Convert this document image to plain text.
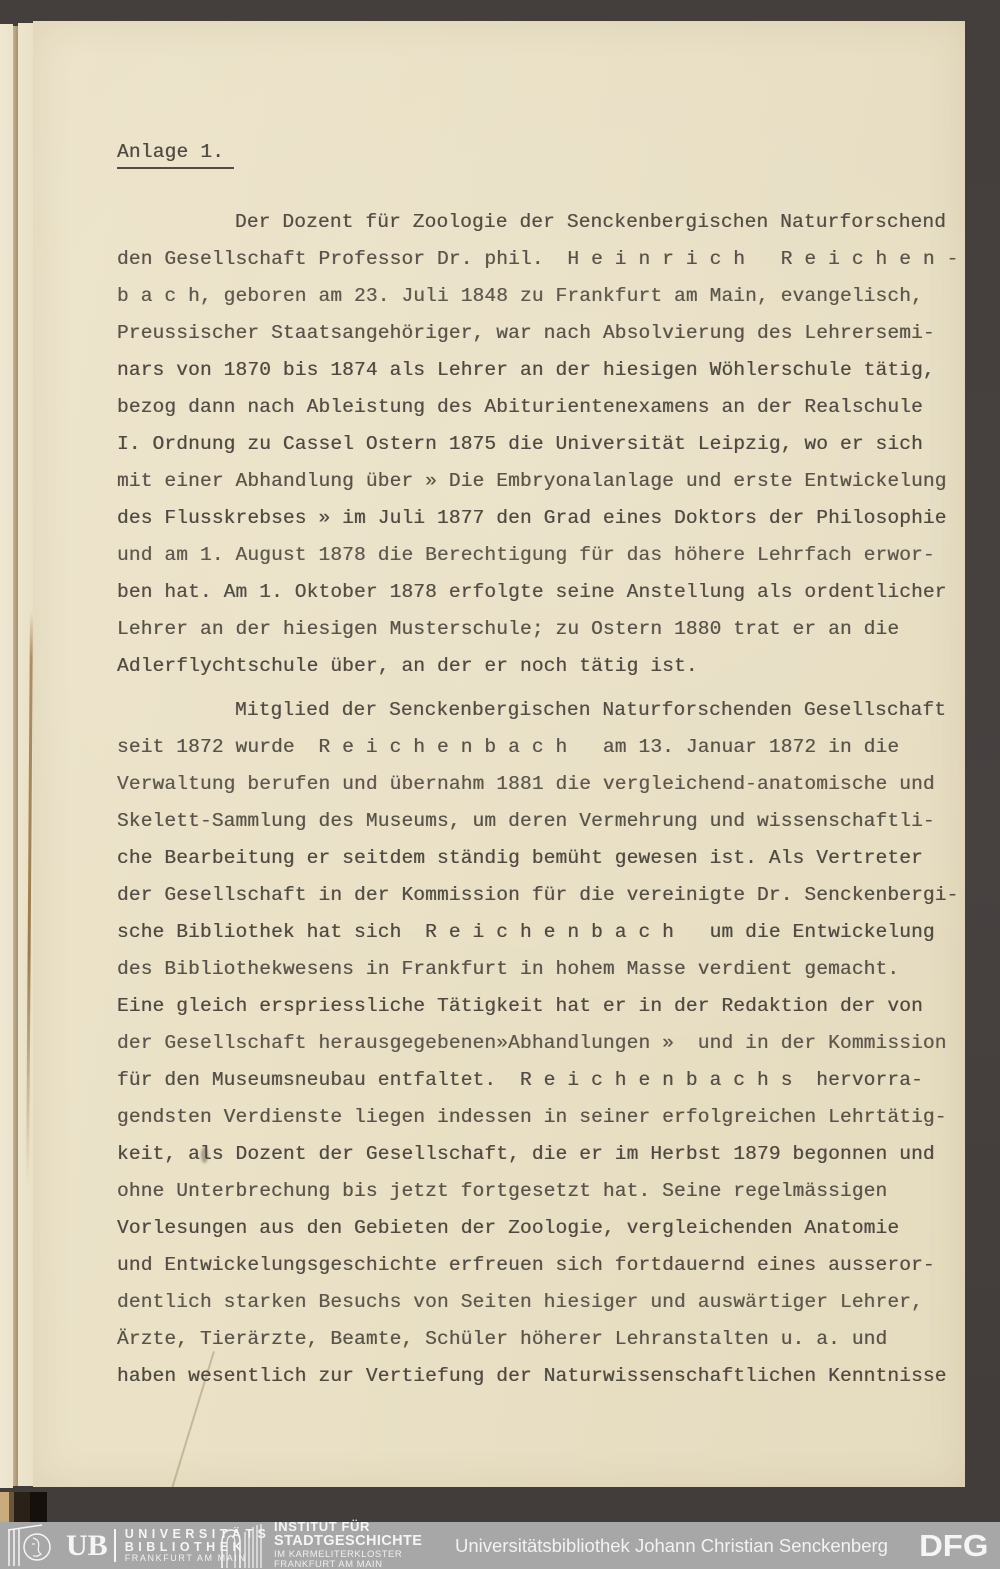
Anlage 1.
Der Dozent für Zoologie der Senckenbergischen Naturforschend
den Gesellschaft Professor Dr. phil.  H e i n r i c h   R e i c h e n -
b a c h, geboren am 23. Juli 1848 zu Frankfurt am Main, evangelisch,
Preussischer Staatsangehöriger, war nach Absolvierung des Lehrersemi-
nars von 1870 bis 1874 als Lehrer an der hiesigen Wöhlerschule tätig,
bezog dann nach Ableistung des Abiturientenexamens an der Realschule
I. Ordnung zu Cassel Ostern 1875 die Universität Leipzig, wo er sich
mit einer Abhandlung über » Die Embryonalanlage und erste Entwickelung
des Flusskrebses » im Juli 1877 den Grad eines Doktors der Philosophie
und am 1. August 1878 die Berechtigung für das höhere Lehrfach erwor-
ben hat. Am 1. Oktober 1878 erfolgte seine Anstellung als ordentlicher
Lehrer an der hiesigen Musterschule; zu Ostern 1880 trat er an die
Adlerflychtschule über, an der er noch tätig ist.
Mitglied der Senckenbergischen Naturforschenden Gesellschaft
seit 1872 wurde  R e i c h e n b a c h   am 13. Januar 1872 in die
Verwaltung berufen und übernahm 1881 die vergleichend-anatomische und
Skelett-Sammlung des Museums, um deren Vermehrung und wissenschaftli-
che Bearbeitung er seitdem ständig bemüht gewesen ist. Als Vertreter
der Gesellschaft in der Kommission für die vereinigte Dr. Senckenbergi-
sche Bibliothek hat sich  R e i c h e n b a c h   um die Entwickelung
des Bibliothekwesens in Frankfurt in hohem Masse verdient gemacht.
Eine gleich erspriessliche Tätigkeit hat er in der Redaktion der von
der Gesellschaft herausgegebenen»Abhandlungen »  und in der Kommission
für den Museumsneubau entfaltet.  R e i c h e n b a c h s  hervorra-
gendsten Verdienste liegen indessen in seiner erfolgreichen Lehrtätig-
keit, als Dozent der Gesellschaft, die er im Herbst 1879 begonnen und
ohne Unterbrechung bis jetzt fortgesetzt hat. Seine regelmässigen
Vorlesungen aus den Gebieten der Zoologie, vergleichenden Anatomie
und Entwickelungsgeschichte erfreuen sich fortdauernd eines ausseror-
dentlich starken Besuchs von Seiten hiesiger und auswärtiger Lehrer,
Ärzte, Tierärzte, Beamte, Schüler höherer Lehranstalten u. a. und
haben wesentlich zur Vertiefung der Naturwissenschaftlichen Kenntnisse
UB UNIVERSITÄTS
BIBLIOTHEK
FRANKFURT AM MAIN
INSTITUT FÜR
STADTGESCHICHTE
IM KARMELITERKLOSTER
FRANKFURT AM MAIN
Universitätsbibliothek Johann Christian Senckenberg DFG
